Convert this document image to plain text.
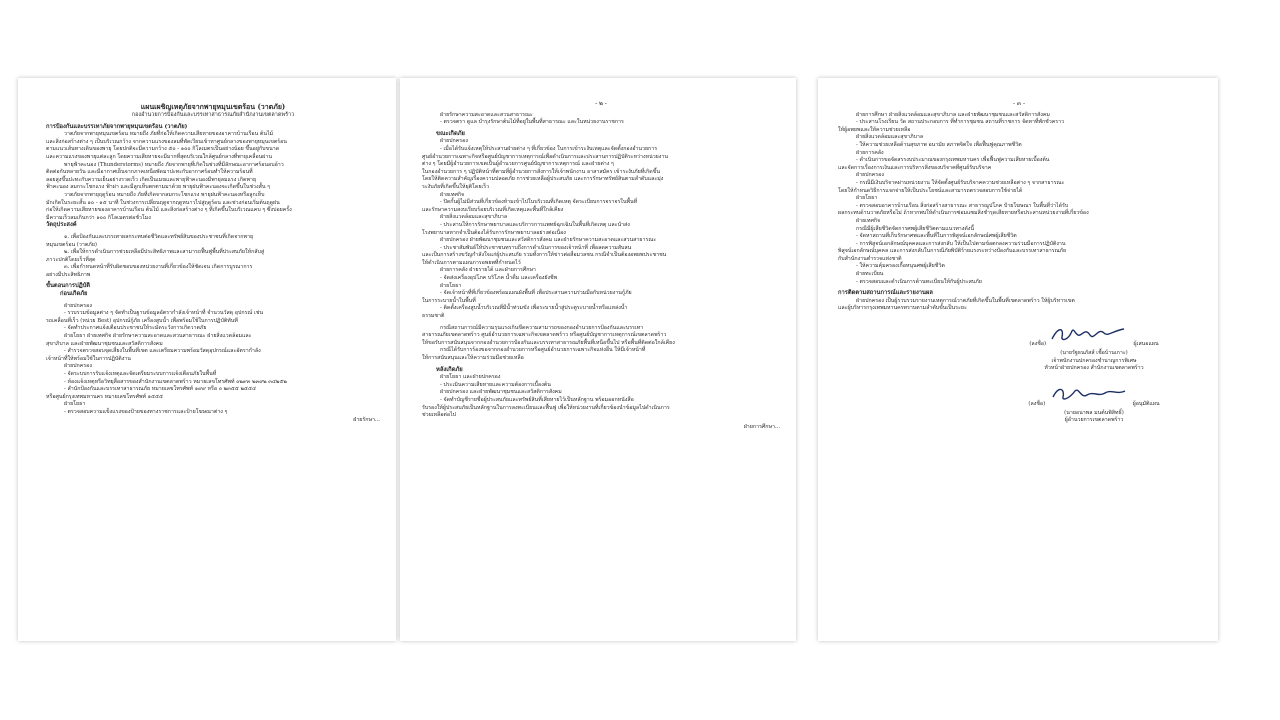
แผนเผชิญเหตุภัยจากพายุหมุนเขตร้อน (วาตภัย)
กองอำนวยการป้องกันและบรรเทาสาธารณภัยสำนักงานเขตลาดพร้าว
การป้องกันและบรรเทาภัยจากพายุหมุนเขตร้อน (วาตภัย)
วาตภัยจากพายุหมุนเขตร้อน หมายถึง ภัยที่ก่อให้เกิดความเสียหายของอาคารบ้านเรือน ต้นไม้
และสิ่งก่อสร้างต่าง ๆ เป็นบริเวณกว้าง จากความแรงของลมที่พัดเวียนเข้าหาศูนย์กลางของพายุหมุนเขตร้อน
ตามแนวเส้นทางเดินของพายุ โดยปกติจะมีความกว้าง ๕๐ - ๑๐๐ กิโลเมตรเป็นอย่างน้อย ขึ้นอยู่กับขนาด
และความแรงของพายุแต่ละลูก โดยความเสียหายจะมีมากที่สุดบริเวณใกล้ศูนย์กลางที่พายุเคลื่อนผ่าน
พายุฟ้าคะนอง (Thunderstorms) หมายถึง ภัยจากพายุที่เกิดในช่วงที่มีลักษณะอากาศร้อนอบอ้าว
ติดต่อกันหลายวัน และมีอากาศเย็นจากภาคเหนือพัดมาปะทะกับอากาศร้อนทำให้ความร้อนที่
ลอยสูงขึ้นปะทะกับความเย็นอย่างรวดเร็ว เกิดเป็นเมฆและพายุฟ้าคะนองมีพายุลมแรง เกิดพายุ
ฟ้าคะนอง ลมกระโชกแรง ฟ้าผ่า และมีลูกเห็บตกตามมาด้วย พายุฝนฟ้าคะนองจะเกิดขึ้นในช่วงสั้น ๆ
วาตภัยจากพายุฤดูร้อน หมายถึง ภัยที่เกิดจากลมกระโชกแรง พายุฝนฟ้าคะนองหรือลูกเห็บ
มักเกิดในระยะสั้น ๑๐ - ๑๕ นาที ในช่วงการเปลี่ยนฤดูจากฤดูหนาวไปสู่ฤดูร้อน และช่วงก่อนเริ่มต้นฤดูฝน
ก่อให้เกิดความเสียหายของอาคารบ้านเรือน ต้นไม้ และสิ่งก่อสร้างต่าง ๆ ที่เกิดขึ้นในบริเวณแคบ ๆ ซึ่งบ่อยครั้ง
มีความเร็วลมเกินกว่า ๑๐๐ กิโลเมตรต่อชั่วโมง
วัตถุประสงค์
๑. เพื่อป้องกันและบรรเทาผลกระทบต่อชีวิตและทรัพย์สินของประชาชนที่เกิดจากพายุ
หมุนเขตร้อน (วาตภัย)
๒. เพื่อให้การดำเนินการช่วยเหลือมีประสิทธิภาพและสามารถฟื้นฟูพื้นที่ประสบภัยให้กลับสู่
ภาวะปกติโดยเร็วที่สุด
๓. เพื่อกำหนดหน้าที่รับผิดชอบของหน่วยงานที่เกี่ยวข้องให้ชัดเจน เกิดการบูรณาการ
อย่างมีประสิทธิภาพ
ขั้นตอนการปฏิบัติ
ก่อนเกิดภัย
ฝ่ายปกครอง
- รวบรวมข้อมูลต่าง ๆ จัดทำเป็นฐานข้อมูลอัตรากำลังเจ้าหน้าที่ จำนวนวัสดุ อุปกรณ์ เช่น
รถเคลื่อนที่เร็ว (หน่วย Best) อุปกรณ์กู้ภัย เครื่องสูบน้ำ เพื่อพร้อมใช้ในการปฏิบัติทันที
- จัดทำประกาศแจ้งเตือนประชาชนให้ระมัดระวังการเกิดวาตภัย
ฝ่ายโยธา ฝ่ายเทศกิจ ฝ่ายรักษาความสะอาดและสวนสาธารณะ ฝ่ายสิ่งแวดล้อมและ
สุขาภิบาล และฝ่ายพัฒนาชุมชนและสวัสดิการสังคม
- สำรวจตรวจสอบจุดเสี่ยงในพื้นที่เขต และเตรียมความพร้อมวัสดุอุปกรณ์และอัตรากำลัง
เจ้าหน้าที่ให้พร้อมใช้ในการปฏิบัติงาน
ฝ่ายปกครอง
- จัดระบบการรับแจ้งเหตุและจัดเตรียมระบบการแจ้งเตือนภัยในพื้นที่
- ห้องแจ้งเหตุหรือวิทยุสื่อสารของสำนักงานเขตลาดพร้าว หมายเลขโทรศัพท์ ๐๒๙๓ ๒๓๙๒ ๓๔๒๕๒
- สำนักป้องกันและบรรเทาสาธารณภัย หมายเลขโทรศัพท์ ๑๙๙ หรือ ๐ ๒๓๕๕ ๒๕๕๔
หรือศูนย์กรุงเทพมหานคร หมายเลขโทรศัพท์ ๑๕๕๕
ฝ่ายโยธา
- ตรวจสอบความแข็งแรงของป้ายของทางราชการและป้ายโฆษณาต่าง ๆ
ฝ่ายรักษา...
- ๒ -
ฝ่ายรักษาความสะอาดและสวนสาธารณะ
- ตรวจตรา ดูแล บำรุงรักษาต้นไม้ที่อยู่ในพื้นที่สาธารณะ และในหน่วยงานราชการ
ขณะเกิดภัย
ฝ่ายปกครอง
- เมื่อได้รับแจ้งเหตุให้ประสานฝ่ายต่าง ๆ ที่เกี่ยวข้อง ในการเข้าระงับเหตุและจัดตั้งกองอำนวยการ
ศูนย์อำนวยการเฉพาะกิจหรือศูนย์บัญชาการเหตุการณ์เพื่อดำเนินการและประสานการปฏิบัติระหว่างหน่วยงาน
ต่าง ๆ โดยมีผู้อำนวยการเขตเป็นผู้อำนวยการศูนย์บัญชาการเหตุการณ์ และฝ่ายต่าง ๆ
ในกองอำนวยการ ๆ ปฏิบัติหน้าที่ตามที่ผู้อำนวยการสั่งการให้เจ้าพนักงาน อาสาสมัคร เข้าระงับภัยที่เกิดขึ้น
โดยให้ติดความสำคัญเรื่องความปลอดภัย การช่วยเหลือผู้ประสบภัย และการรักษาทรัพย์สินตามลำดับและมุ่ง
ระงับภัยที่เกิดขึ้นให้ยุติโดยเร็ว
ฝ่ายเทศกิจ
- ปิดกั้นผู้ไม่มีส่วนที่เกี่ยวข้องห้ามเข้าไปในบริเวณที่เกิดเหตุ จัดระเบียบการจราจรในพื้นที่
และรักษาความสงบเรียบร้อยบริเวณที่เกิดเหตุและพื้นที่ใกล้เคียง
ฝ่ายสิ่งแวดล้อมและสุขาภิบาล
- ประสานให้การรักษาพยาบาลและบริการการแพทย์ฉุกเฉินในพื้นที่เกิดเหตุ และนำส่ง
โรงพยาบาลหากจำเป็นต้องได้รับการรักษาพยาบาลอย่างต่อเนื่อง
ฝ่ายปกครอง ฝ่ายพัฒนาชุมชนและสวัสดิการสังคม และฝ่ายรักษาความสะอาดและสวนสาธารณะ
- ประชาสัมพันธ์ให้ประชาชนทราบถึงการดำเนินการของเจ้าหน้าที่ เพื่อลดความสับสน
และเป็นการสร้างขวัญกำลังใจแก่ผู้ประสบภัย รวมทั้งการให้ข่าวต่อสื่อมวลชน กรณีจำเป็นต้องอพยพประชาชน
ให้ดำเนินการตามแผนการอพยพที่กำหนดไว้
ฝ่ายการคลัง ฝ่ายรายได้ และฝ่ายการศึกษา
- จัดส่งเครื่องอุปโภค บริโภค น้ำดื่ม และเครื่องยังชีพ
ฝ่ายโยธา
- จัดเจ้าหน้าที่ที่เกี่ยวข้องพร้อมแผนผังพื้นที่ เพื่อประสานความร่วมมือกับหน่วยงานกู้ภัย
ในการระบายน้ำในพื้นที่
- ติดตั้งเครื่องสูบน้ำบริเวณที่มีน้ำท่วมขัง เพื่อระบายน้ำสู่ประตูระบายน้ำหรือแหล่งน้ำ
ธรรมชาติ
กรณีสถานการณ์มีความรุนแรงเกินขีดความสามารถของกองอำนวยการป้องกันและบรรเทา
สาธารณภัยเขตลาดพร้าว ศูนย์อำนวยการเฉพาะกิจเขตลาดพร้าว หรือศูนย์บัญชาการเหตุการณ์เขตลาดพร้าว
ให้ขอรับการสนับสนุนจากกองอำนวยการป้องกันและบรรเทาสาธารณภัยพื้นที่เหนือขึ้นไป หรือพื้นที่ติดต่อใกล้เคียง
กรณีได้รับการร้องขอจากกองอำนวยการหรือศูนย์อำนวยการเฉพาะกิจแห่งอื่น ให้มีเจ้าหน้าที่
ให้การสนับสนุนและให้ความร่วมมือช่วยเหลือ
หลังเกิดภัย
ฝ่ายโยธา และฝ่ายปกครอง
- ประเมินความเสียหายและความต้องการเบื้องต้น
ฝ่ายปกครอง และฝ่ายพัฒนาชุมชนและสวัสดิการสังคม
- จัดทำบัญชีรายชื่อผู้ประสบภัยและทรัพย์สินที่เสียหายไว้เป็นหลักฐาน พร้อมออกหนังสือ
รับรองให้ผู้ประสบภัยเป็นหลักฐานในการลงทะเบียนและฟื้นฟู เพื่อให้หน่วยงานที่เกี่ยวข้องนำข้อมูลไปดำเนินการ
ช่วยเหลือต่อไป
ฝ่ายการศึกษา...
- ๓ -
ฝ่ายการศึกษา ฝ่ายสิ่งแวดล้อมและสุขาภิบาล และฝ่ายพัฒนาชุมชนและสวัสดิการสังคม
- ประสานโรงเรียน วัด สถานประกอบการ ที่ทำการชุมชน สถานที่ราชการ จัดหาที่พักชั่วคราว
ให้ผู้อพยพและให้ความช่วยเหลือ
ฝ่ายสิ่งแวดล้อมและสุขาภิบาล
- ให้ความช่วยเหลือด้านสุขภาพ อนามัย สภาพจิตใจ เพื่อฟื้นฟูคุณภาพชีวิต
ฝ่ายการคลัง
- ดำเนินการขอจัดสรรงบประมาณของกรุงเทพมหานคร เพื่อฟื้นฟูความเสียหายเบื้องต้น
และจัดการเรื่องการเงินและการบริหารสิ่งของบริจาคที่ศูนย์รับบริจาค
ฝ่ายปกครอง
- กรณีมีเงินบริจาคผ่านหน่วยงาน ให้จัดตั้งศูนย์รับบริจาคความช่วยเหลือต่าง ๆ จากสาธารณะ
โดยให้กำหนดวิธีการแจกจ่ายให้เป็นประโยชน์และสามารถตรวจสอบการใช้จ่ายได้
ฝ่ายโยธา
- ตรวจสอบอาคารบ้านเรือน สิ่งก่อสร้างสาธารณะ สาธารณูปโภค ป้ายโฆษณา ในพื้นที่ว่าได้รับ
ผลกระทบด้านวาตภัยหรือไม่ ถ้าหากพบให้ดำเนินการซ่อมแซมสิ่งชำรุดเสียหายหรือประสานหน่วยงานที่เกี่ยวข้อง
ฝ่ายเทศกิจ
กรณีมีผู้เสียชีวิตจัดการศพผู้เสียชีวิตตามแนวทางดังนี้
- จัดหาสถานที่เก็บรักษาศพและพื้นที่ในการพิสูจน์เอกลักษณ์ศพผู้เสียชีวิต
- การพิสูจน์เอกลักษณ์บุคคลและการส่งกลับ ให้เป็นไปตามข้อตกลงความร่วมมือการปฏิบัติงาน
พิสูจน์เอกลักษณ์บุคคล และการส่งกลับในการณีภัยพิบัติร้ายแรงระหว่างป้องกันและบรรเทาสาธารณภัย
กับสำนักงานตำรวจแห่งชาติ
- ให้ความคุ้มครองเกื้อหนุนศพผู้เสียชีวิต
ฝ่ายทะเบียน
- ตรวจสอบและดำเนินการด้านทะเบียนให้กับผู้ประสบภัย
การติดตามสถานการณ์และรายงานผล
ฝ่ายปกครอง เป็นผู้รวบรวมรายงานเหตุการณ์วาตภัยที่เกิดขึ้นในพื้นที่เขตลาดพร้าว ให้ผู้บริหารเขต
และผู้บริหารกรุงเทพมหานครทราบตามลำดับขั้นเป็นระยะ
(ลงชื่อ)	ผู้เสนอแผน
(นายรัฐธนภัสส์ เชื้อบ้านเกาะ)
เจ้าพนักงานปกครองชำนาญการพิเศษ
หัวหน้าฝ่ายปกครอง สำนักงานเขตลาดพร้าว
(ลงชื่อ)	ผู้อนุมัติแผน
(นายอนาพล มนต์นพิสิทธิ์)
ผู้อำนวยการเขตลาดพร้าว
